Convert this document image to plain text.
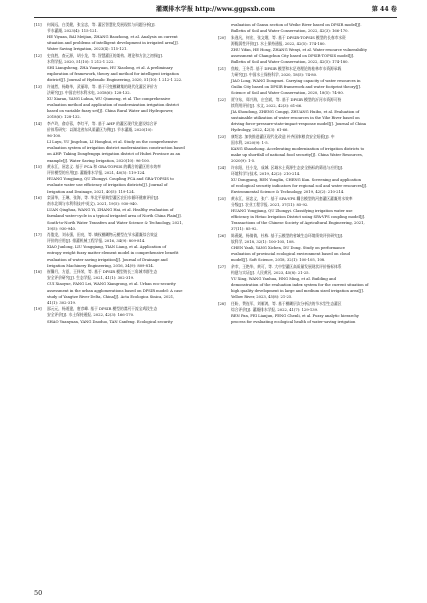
灌溉排水学报 http://www.ggpsxb.com	第 44 卷
[11]	何闻远，白美健，张宝忠，等. 灌区智慧化发展现状与问题分析[J].
节水灌溉, 2023(4): 115-121.
HE Yiyuan, BAI Meijian, ZHANG Baozhong, et al. Analysis on current
situation and problems of intelligent development in irrigated area[J].
Water Saving Irrigation, 2023(4): 115-121.
[12]	史良胜，查元源，胡小龙，等. 智慧灌区的架构、理论和方法之初探[J].
水利学报, 2020, 51(10): 1 212-1 222.
SHI Liangsheng, ZHA Yuanyuan, HU Xiaolong, et al. A preliminary
exploration of framework, theory and method for intelligent irrigation
district[J]. Journal of Hydraulic Engineering, 2020, 51(10): 1 212-1 222.
[13]	许迪然，杨路华，武丽琼，等. 基于可变模糊集的现代化灌区评价方
法研究[J]. 中国农村水利水电, 2018(6): 128-132.
XU Xiaran, YANG Luhua, WU Qiumeng, et al. The comprehensive
evaluation method and application of modernization irrigation district
based on variable fuzzy set[J]. China Rural Water and Hydropower,
2018(6): 128-132.
[14]	李卢玲，俞京蓉，李红平，等. 基于 AHP 的灌区现代化建设综合评
价体系研究：以湖北省东风渠灌区为例[J]. 节水灌溉, 2020(10):
96-100.
LI Luyu, YU Jingchun, LI Honghui, et al. Study on the comprehensive
evaluation system of irrigation district modernization construction based
on AHP: Taking Dongfengqu irrigation district of Hubei Province as an
example[J]. Water Saving Irrigation, 2020(10): 96-100.
[15]	黄永江，屈忠义. 基于 PCA 和 GRA-TOPSIS 的耦合的灌区用水效率
评价模型的应用[J]. 灌溉排水学报, 2021, 40(5): 119-124.
HUANG Yongjiang, QU Zhongyi. Coupling PCA and GRA-TOPSIS to
evaluate water use efficiency of irrigation districts[J]. Journal of
Irrigation and Drainage, 2021, 40(5): 119-124.
[16]	栾清华，王琳，张海，等. 华北平原典型灌区农田水循环健康评价[J].
南水北调与水利科技(中英文), 2021, 19(5): 930-940.
LUAN Qinghua, WANG Yi, ZHANG Hai, et al. Healthy evaluation of
farmland water-cycle in a typical irrigated area of North China Plain[J].
South-to-North Water Transfers and Water Science & Technology, 2021,
19(5): 930-940.
[17]	肖俊龙，刘永强，田亮，等. 熵权模糊物元模型在节水灌溉综合效益
评价的应用[J]. 排灌机械工程学报, 2016, 34(9): 809-814.
XIAO Junlong, LIU Yongqiang, TIAN Liang, et al. Application of
entropy weight fuzzy matter element model in comprehensive benefit
evaluation of water saving irrigation[J]. Journal of Drainage and
Irrigation Machinery Engineering, 2016, 34(9): 809-814.
[18]	崔馨月，方夏，王择荣，等. 基于 DPSIR 模型的长三角城市群生态
安全评价研究[J]. 生态学报, 2021, 41(1): 302-319.
CUI Xiaoyue, FANG Lei, WANG Xiangrong, et al. Urban eco-security
assessment in the urban agglomerations based on DPSIR model: A case
study of Yangtze River Delta, China[J]. Acta Ecologica Sinica, 2021,
41(1): 302-319.
[19]	邵元元，杨道建，唐彦峰. 基于 DPSIR 模型的渭河干流宝鸡段生态
安全评价[J]. 水土保持通报, 2022, 42(3): 166-170.
SHAO Yuanyuan, YANG Daoduo, TAN Canfeng. Ecological security
evaluation of Gansu section of Weihe River based on DPSIR model[J].
Bulletin of Soil and Water Conservation, 2022, 42(3): 166-170.
[20]	朱逸凡，何宏，张文熠，等. 基于 DPSIR-TOPSIS 模型的长春市水资
源脆弱性评价[J]. 水土保持通报, 2022, 42(5): 174-180.
ZHU Yifan, HE Hong, ZHANG Wenyi, et al. Water resource vulnerability
assessment of Changchun City based on DPSIR-TOPSIS model[J].
Bulletin of Soil and Water Conservation, 2022, 42(5): 174-180.
[21]	焦蛟，王冬青. 基于 DPSIR 模型和水足迹理论的桂林市水资源承载
力研究[J]. 中国水土保持科学, 2020, 18(5): 74-80.
JIAO Long, WANG Dongmei. Carrying capacity of water resources in
Guilin City based on DPSIR framework and water footprint theory[J].
Science of Soil and Water Conservation, 2020, 18(5): 74-80.
[22]	贾守东，郑兴海，庄会斌，等. 基于 DPSIR 模型的沂河水资源可持
续利用评价[J]. 水文, 2022, 42(3): 61-66.
JIA Shoudong, ZHENG Congqi, ZHUANG Huibo, et al. Evaluation of
sustainable utilization of water resources in the Yihe River based on
driving force-pressure-state-impact-response model[J]. Journal of China
Hydrology, 2022, 42(3): 61-66.
[23]	康绍忠. 加快推进灌区现代化改造 补齐国家粮食安全短板[J]. 中
国水利, 2020(9): 1-5.
KANG Shaozhong. Accelerating modernization of irrigation districts to
make up shortfall of national food security[J]. China Water Resources,
2020(9): 1-5.
[24]	许东阳，任小龙，成城. 区域水土资源生态安全指标的筛选与应用[J].
环境科学与技术, 2019, 42(2): 210-214.
XU Dongyang, REN Yonglin, CHENG Kun. Screening and application
of ecological security indicators for regional soil and water resources[J].
Environmental Science & Technology, 2019, 42(2): 210-214.
[25]	黄永江，屈忠义，张广. 基于 SPA-VPS 耦合模型的河套灌区灌溉用水效率
分级[J]. 农业工程学报, 2021, 37(11): 85-92.
HUANG Yongjiang, QU Zhongyi. Classifying irrigation water use
efficiency in Hetao Irrigation District using SPA-VPS coupling model[J].
Transactions of the Chinese Society of Agricultural Engineering, 2021,
37(11): 85-92.
[26]	陈燕妮，杨倩倩，杜栋. 基于云模型的省域生态环境绩效评价研究[J].
软科学, 2018, 32(1): 100-105, 108.
CHEN Yanli, YANG Xichen, DU Dong. Study on performance
evaluation of provincial ecological environment based on cloud
model[J]. Soft Science, 2018, 32(1): 100-105, 108.
[27]	余幸，王艳华，黄可，等. 大中型灌区高质量发展现状评价指标体系
构建与实证[J]. 人民黄河, 2023, 45(8): 21-25.
YU Xing, WANG Yanhua, HNG Ming, et al. Building and
demonstration of the evaluation index system for the current situation of
high quality development in large and medium sized irrigation area[J].
Yellow River, 2023, 45(8): 21-25.
[28]	任盼，费连军，刘雁鸿，等. 基于模糊层次分析法的节水型生态灌区
综合评价[J]. 灌溉排水学报, 2022, 41(7): 129-139.
REN Pan, FEI Lianjun, FENG Chenli, et al. Fuzzy analytic hierarchy
process for evaluating ecological health of water-saving irrigation
50
